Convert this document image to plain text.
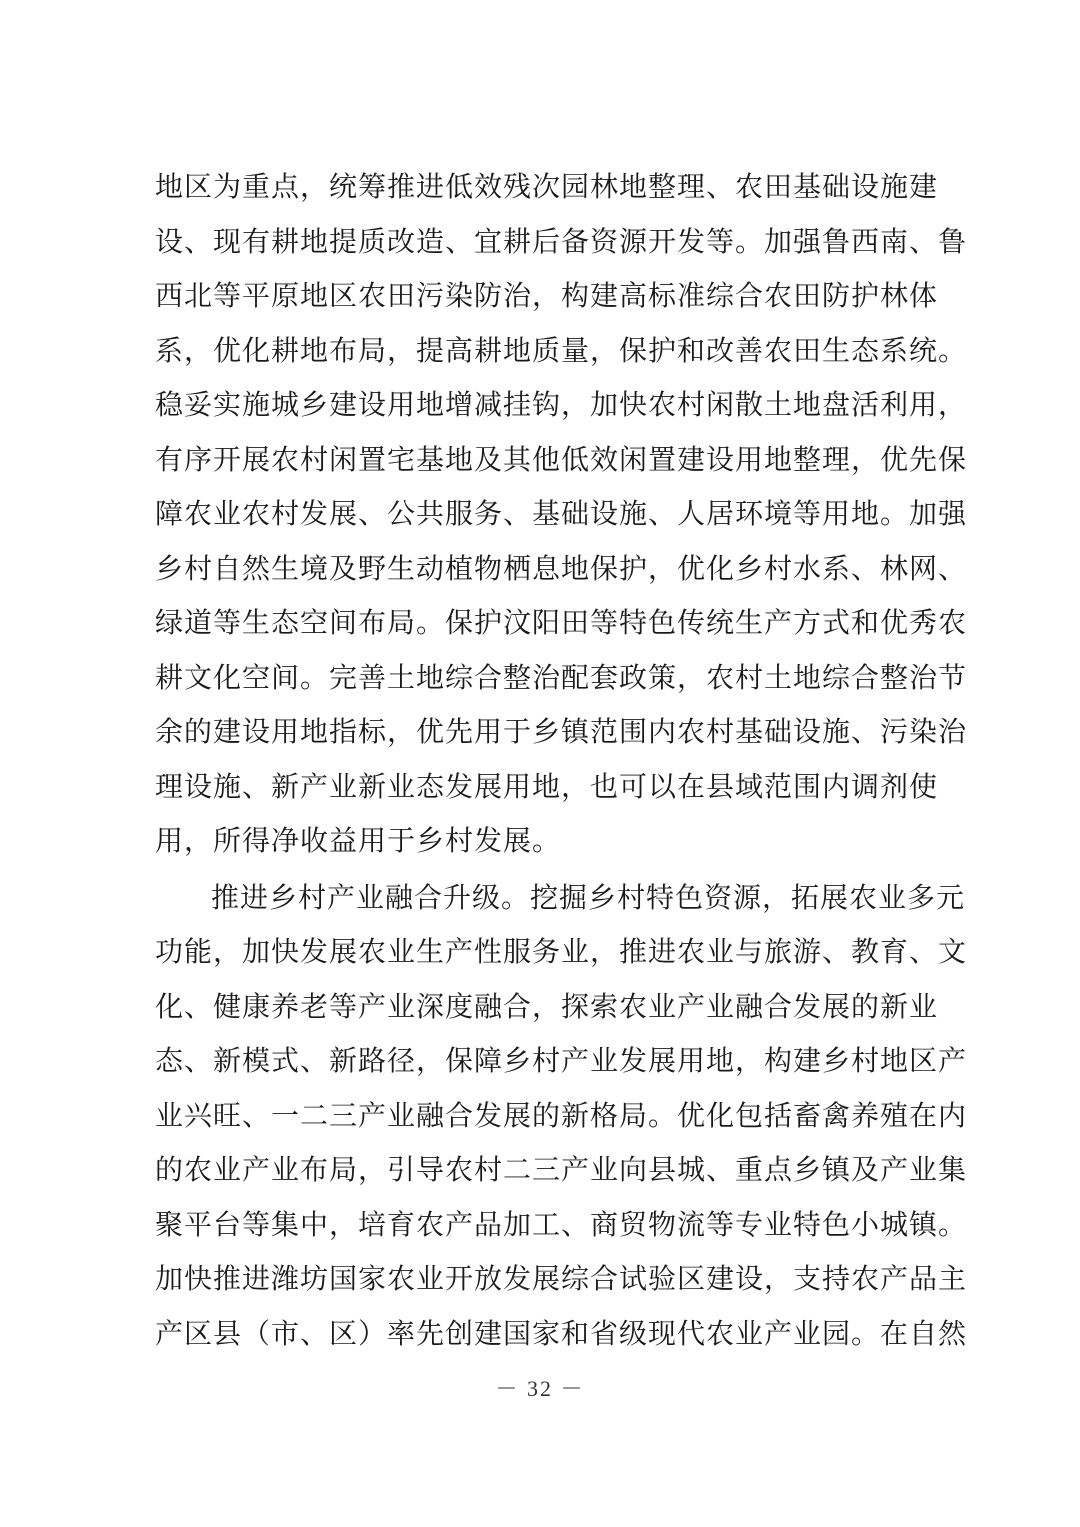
地区为重点，统筹推进低效残次园林地整理、农田基础设施建
设、现有耕地提质改造、宜耕后备资源开发等。加强鲁西南、鲁
西北等平原地区农田污染防治，构建高标准综合农田防护林体
系，优化耕地布局，提高耕地质量，保护和改善农田生态系统。
稳妥实施城乡建设用地增减挂钩，加快农村闲散土地盘活利用，
有序开展农村闲置宅基地及其他低效闲置建设用地整理，优先保
障农业农村发展、公共服务、基础设施、人居环境等用地。加强
乡村自然生境及野生动植物栖息地保护，优化乡村水系、林网、
绿道等生态空间布局。保护汶阳田等特色传统生产方式和优秀农
耕文化空间。完善土地综合整治配套政策，农村土地综合整治节
余的建设用地指标，优先用于乡镇范围内农村基础设施、污染治
理设施、新产业新业态发展用地，也可以在县域范围内调剂使
用，所得净收益用于乡村发展。
推进乡村产业融合升级。挖掘乡村特色资源，拓展农业多元
功能，加快发展农业生产性服务业，推进农业与旅游、教育、文
化、健康养老等产业深度融合，探索农业产业融合发展的新业
态、新模式、新路径，保障乡村产业发展用地，构建乡村地区产
业兴旺、一二三产业融合发展的新格局。优化包括畜禽养殖在内
的农业产业布局，引导农村二三产业向县城、重点乡镇及产业集
聚平台等集中，培育农产品加工、商贸物流等专业特色小城镇。
加快推进潍坊国家农业开放发展综合试验区建设，支持农产品主
产区县（市、区）率先创建国家和省级现代农业产业园。在自然
－ 32 －
